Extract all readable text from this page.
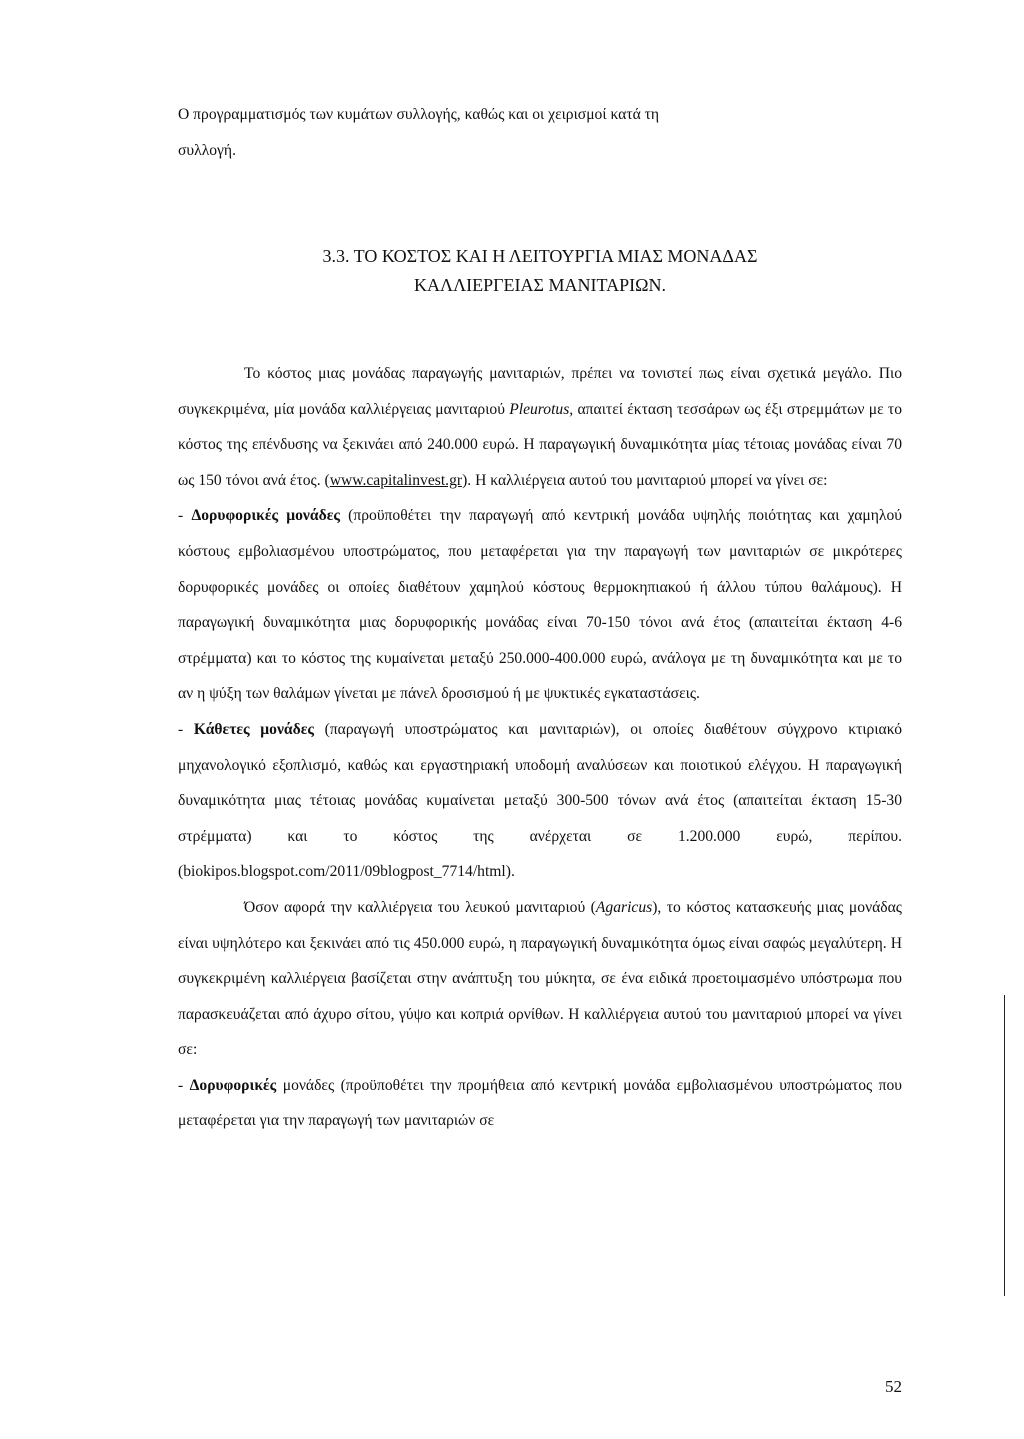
Ο προγραμματισμός των κυμάτων συλλογής, καθώς και οι χειρισμοί κατά τη
συλλογή.
3.3. ΤΟ ΚΟΣΤΟΣ ΚΑΙ Η ΛΕΙΤΟΥΡΓΙΑ ΜΙΑΣ ΜΟΝΑΔΑΣ
ΚΑΛΛΙΕΡΓΕΙΑΣ ΜΑΝΙΤΑΡΙΩΝ.

Το κόστος μιας μονάδας παραγωγής μανιταριών, πρέπει να τονιστεί πως είναι σχετικά μεγάλο. Πιο συγκεκριμένα, μία μονάδα καλλιέργειας μανιταριού Pleurotus, απαιτεί έκταση τεσσάρων ως έξι στρεμμάτων με το κόστος της επένδυσης να ξεκινάει από 240.000 ευρώ. Η παραγωγική δυναμικότητα μίας τέτοιας μονάδας είναι 70 ως 150 τόνοι ανά έτος. (www.capitalinvest.gr). Η καλλιέργεια αυτού του μανιταριού μπορεί να γίνει σε:

- Δορυφορικές μονάδες (προϋποθέτει την παραγωγή από κεντρική μονάδα υψηλής ποιότητας και χαμηλού κόστους εμβολιασμένου υποστρώματος, που μεταφέρεται για την παραγωγή των μανιταριών σε μικρότερες δορυφορικές μονάδες οι οποίες διαθέτουν χαμηλού κόστους θερμοκηπιακού ή άλλου τύπου θαλάμους). Η παραγωγική δυναμικότητα μιας δορυφορικής μονάδας είναι 70-150 τόνοι ανά έτος (απαιτείται έκταση 4-6 στρέμματα) και το κόστος της κυμαίνεται μεταξύ 250.000-400.000 ευρώ, ανάλογα με τη δυναμικότητα και με το αν η ψύξη των θαλάμων γίνεται με πάνελ δροσισμού ή με ψυκτικές εγκαταστάσεις.

- Κάθετες μονάδες (παραγωγή υποστρώματος και μανιταριών), οι οποίες διαθέτουν σύγχρονο κτιριακό μηχανολογικό εξοπλισμό, καθώς και εργαστηριακή υποδομή αναλύσεων και ποιοτικού ελέγχου. Η παραγωγική δυναμικότητα μιας τέτοιας μονάδας κυμαίνεται μεταξύ 300-500 τόνων ανά έτος (απαιτείται έκταση 15-30 στρέμματα) και το κόστος της ανέρχεται σε 1.200.000 ευρώ, περίπου. (biokipos.blogspot.com/2011/09blogpost_7714/html).

Όσον αφορά την καλλιέργεια του λευκού μανιταριού (Agaricus), το κόστος κατασκευής μιας μονάδας είναι υψηλότερο και ξεκινάει από τις 450.000 ευρώ, η παραγωγική δυναμικότητα όμως είναι σαφώς μεγαλύτερη. Η συγκεκριμένη καλλιέργεια βασίζεται στην ανάπτυξη του μύκητα, σε ένα ειδικά προετοιμασμένο υπόστρωμα που παρασκευάζεται από άχυρο σίτου, γύψο και κοπριά ορνίθων. Η καλλιέργεια αυτού του μανιταριού μπορεί να γίνει σε:

- Δορυφορικές μονάδες (προϋποθέτει την προμήθεια από κεντρική μονάδα εμβολιασμένου υποστρώματος που μεταφέρεται για την παραγωγή των μανιταριών σε

52
